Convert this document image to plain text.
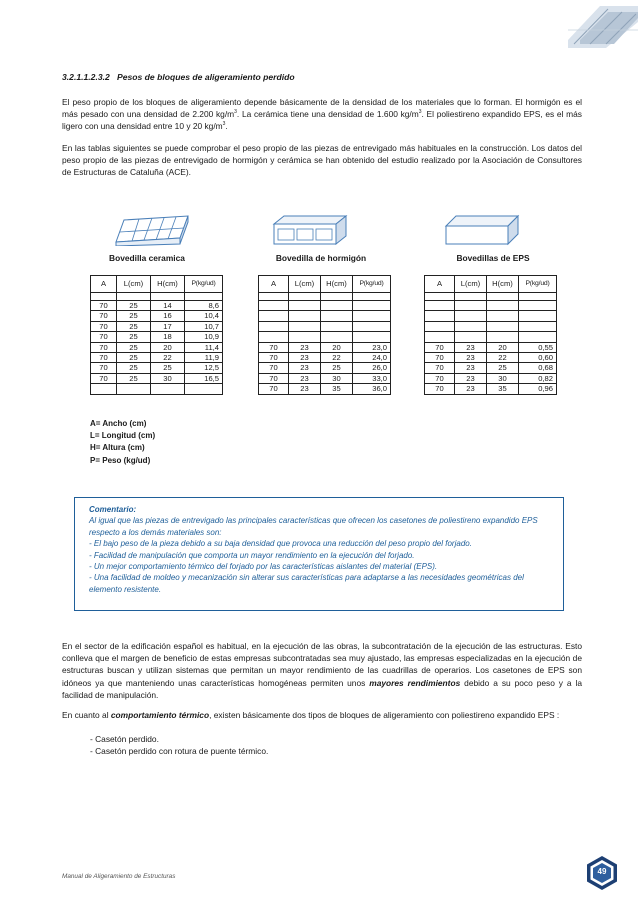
3.2.1.1.2.3.2 Pesos de bloques de aligeramiento perdido

El peso propio de los bloques de aligeramiento depende básicamente de la densidad de los materiales que lo forman. El hormigón es el más pesado con una densidad de 2.200 $kg/m^3$. La cerámica tiene una densidad de 1.600 $kg/m^3$. El poliestireno expandido EPS, es el más ligero con una densidad entre 10 y 20 $kg/m^3$.

En las tablas siguientes se puede comprobar el peso propio de las piezas de entrevigado más habituales en la construcción. Los datos del peso propio de las piezas de entrevigado de hormigón y cerámica se han obtenido del estudio realizado por la Asociación de Consultores de Estructuras de Cataluña (ACE).

Bovedilla ceramica	Bovedilla de hormigón	Bovedillas de EPS
A	L(cm)	H(cm)	P(kg/ud)

70	25	14	8,6
70	25	16	10,4
70	25	17	10,7
70	25	18	10,9
70	25	20	11,4
70	25	22	11,9
70	25	25	12,5
70	25	30	16,5

A	L(cm)	H(cm)	P(kg/ud)

70	23	20	23,0
70	23	22	24,0
70	23	25	26,0
70	23	30	33,0
70	23	35	36,0
A	L(cm)	H(cm)	P(kg/ud)

70	23	20	0,55
70	23	22	0,60
70	23	25	0,68
70	23	30	0,82
70	23	35	0,96
A= Ancho (cm)
L= Longitud (cm)
H= Altura (cm)
P= Peso (kg/ud)

Comentario:

Al igual que las piezas de entrevigado las principales características que ofrecen los casetones de poliestireno expandido EPS respecto a los demás materiales son:

- El bajo peso de la pieza debido a su baja densidad que provoca una reducción del peso propio del forjado.

- Facilidad de manipulación que comporta un mayor rendimiento en la ejecución del forjado.

- Un mejor comportamiento térmico del forjado por las características aislantes del material (EPS).

- Una facilidad de moldeo y mecanización sin alterar sus características para adaptarse a las necesidades geométricas del elemento resistente.

En el sector de la edificación español es habitual, en la ejecución de las obras, la subcontratación de la ejecución de las estructuras. Esto conlleva que el margen de beneficio de estas empresas subcontratadas sea muy ajustado, las empresas especializadas en la ejecución de estructuras buscan y utilizan sistemas que permitan un mayor rendimiento de las cuadrillas de operarios. Los casetones de EPS son idóneos ya que manteniendo unas características homogéneas permiten unos mayores rendimientos debido a su poco peso y a la facilidad de manipulación.

En cuanto al comportamiento térmico, existen básicamente dos tipos de bloques de aligeramiento con poliestireno expandido EPS :

- Casetón perdido.
- Casetón perdido con rotura de puente térmico.
Manual de Aligeramiento de Estructuras
49
